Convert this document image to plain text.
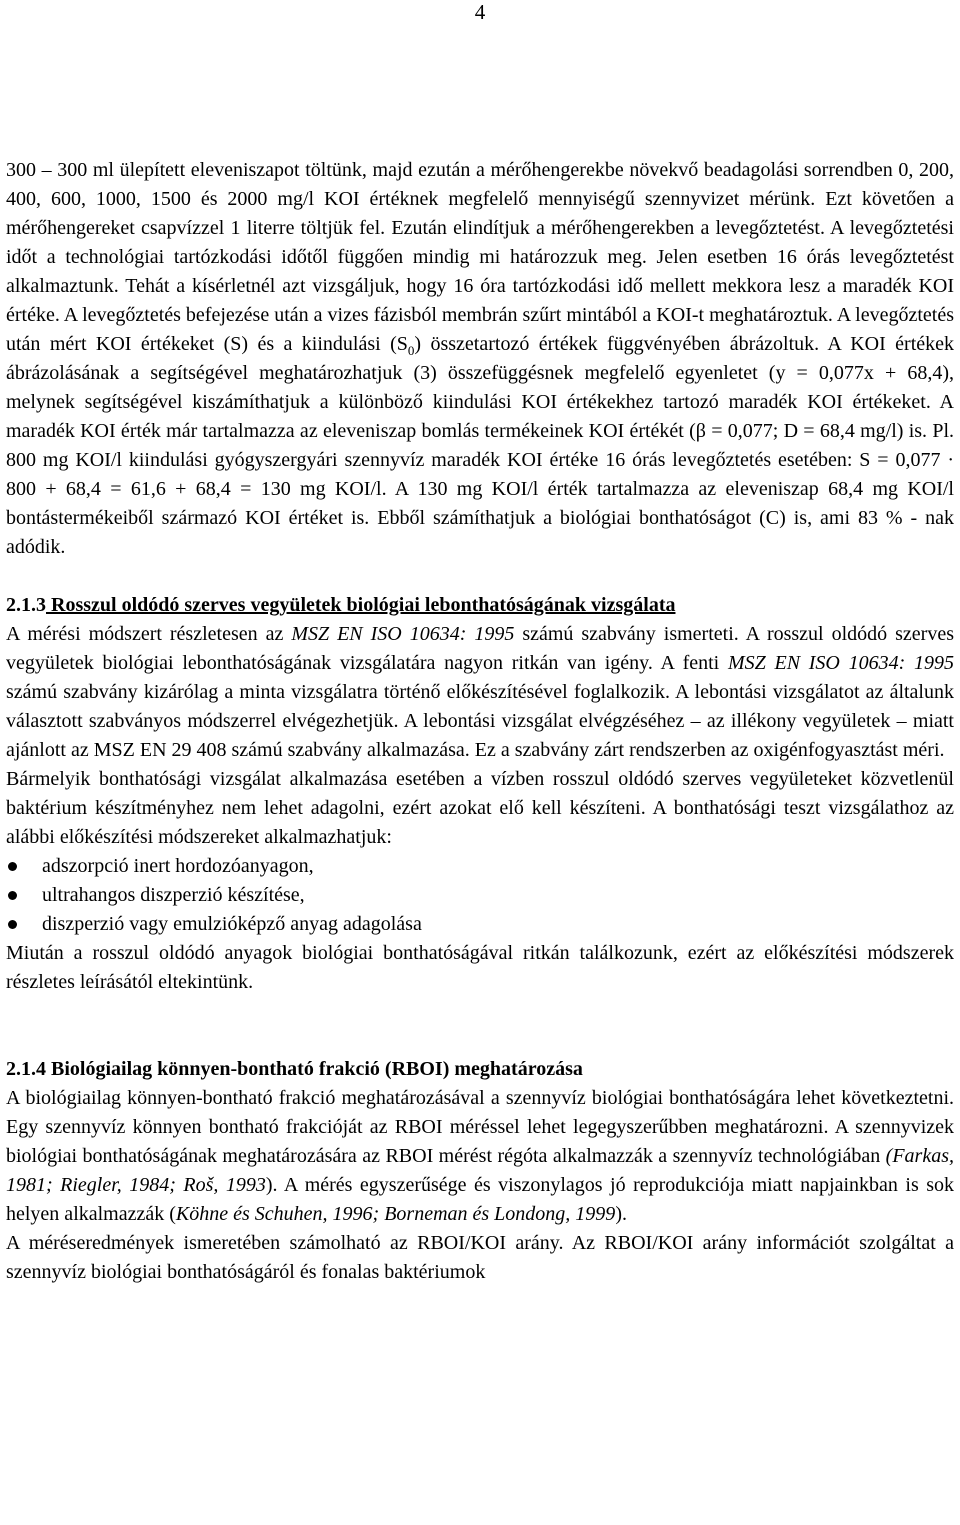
4

300 – 300 ml ülepített eleveniszapot töltünk, majd ezután a mérőhengerekbe növekvő beadagolási sorrendben 0, 200, 400, 600, 1000, 1500 és 2000 mg/l KOI értéknek megfelelő mennyiségű szennyvizet mérünk. Ezt követően a mérőhengereket csapvízzel 1 literre töltjük fel. Ezután elindítjuk a mérőhengerekben a levegőztetést. A levegőztetési időt a technológiai tartózkodási időtől függően mindig mi határozzuk meg. Jelen esetben 16 órás levegőztetést alkalmaztunk. Tehát a kísérletnél azt vizsgáljuk, hogy 16 óra tartózkodási idő mellett mekkora lesz a maradék KOI értéke. A levegőztetés befejezése után a vizes fázisból membrán szűrt mintából a KOI-t meghatároztuk. A levegőztetés után mért KOI értékeket (S) és a kiindulási $(S_0)$ összetartozó értékek függvényében ábrázoltuk. A KOI értékek ábrázolásának a segítségével meghatározhatjuk (3) összefüggésnek megfelelő egyenletet (y = 0,077x + 68,4), melynek segítségével kiszámíthatjuk a különböző kiindulási KOI értékekhez tartozó maradék KOI értékeket. A maradék KOI érték már tartalmazza az eleveniszap bomlás termékeinek KOI értékét (β = 0,077; D = 68,4 mg/l) is. Pl. 800 mg KOI/l kiindulási gyógyszergyári szennyvíz maradék KOI értéke 16 órás levegőztetés esetében: S = 0,077 · 800 + 68,4 = 61,6 + 68,4 = 130 mg KOI/l. A 130 mg KOI/l érték tartalmazza az eleveniszap 68,4 mg KOI/l bontástermékeiből származó KOI értéket is. Ebből számíthatjuk a biológiai bonthatóságot (C) is, ami 83 % - nak adódik.

2.1.3 Rosszul oldódó szerves vegyületek biológiai lebonthatóságának vizsgálata

A mérési módszert részletesen az MSZ EN ISO 10634: 1995 számú szabvány ismerteti. A rosszul oldódó szerves vegyületek biológiai lebonthatóságának vizsgálatára nagyon ritkán van igény. A fenti MSZ EN ISO 10634: 1995 számú szabvány kizárólag a minta vizsgálatra történő előkészítésével foglalkozik. A lebontási vizsgálatot az általunk választott szabványos módszerrel elvégezhetjük. A lebontási vizsgálat elvégzéséhez – az illékony vegyületek – miatt ajánlott az MSZ EN 29 408 számú szabvány alkalmazása. Ez a szabvány zárt rendszerben az oxigénfogyasztást méri.

Bármelyik bonthatósági vizsgálat alkalmazása esetében a vízben rosszul oldódó szerves vegyületeket közvetlenül baktérium készítményhez nem lehet adagolni, ezért azokat elő kell készíteni. A bonthatósági teszt vizsgálathoz az alábbi előkészítési módszereket alkalmazhatjuk:

adszorpció inert hordozóanyagon,
ultrahangos diszperzió készítése,
diszperzió vagy emulzióképző anyag adagolása

Miután a rosszul oldódó anyagok biológiai bonthatóságával ritkán találkozunk, ezért az előkészítési módszerek részletes leírásától eltekintünk.

2.1.4 Biológiailag könnyen-bontható frakció (RBOI) meghatározása

A biológiailag könnyen-bontható frakció meghatározásával a szennyvíz biológiai bonthatóságára lehet következtetni. Egy szennyvíz könnyen bontható frakcióját az RBOI méréssel lehet legegyszerűbben meghatározni. A szennyvizek biológiai bonthatóságának meghatározására az RBOI mérést régóta alkalmazzák a szennyvíz technológiában (Farkas, 1981; Riegler, 1984; Roš, 1993). A mérés egyszerűsége és viszonylagos jó reprodukciója miatt napjainkban is sok helyen alkalmazzák (Köhne és Schuhen, 1996; Borneman és Londong, 1999).

A méréseredmények ismeretében számolható az RBOI/KOI arány. Az RBOI/KOI arány információt szolgáltat a szennyvíz biológiai bonthatóságáról és fonalas baktériumok
